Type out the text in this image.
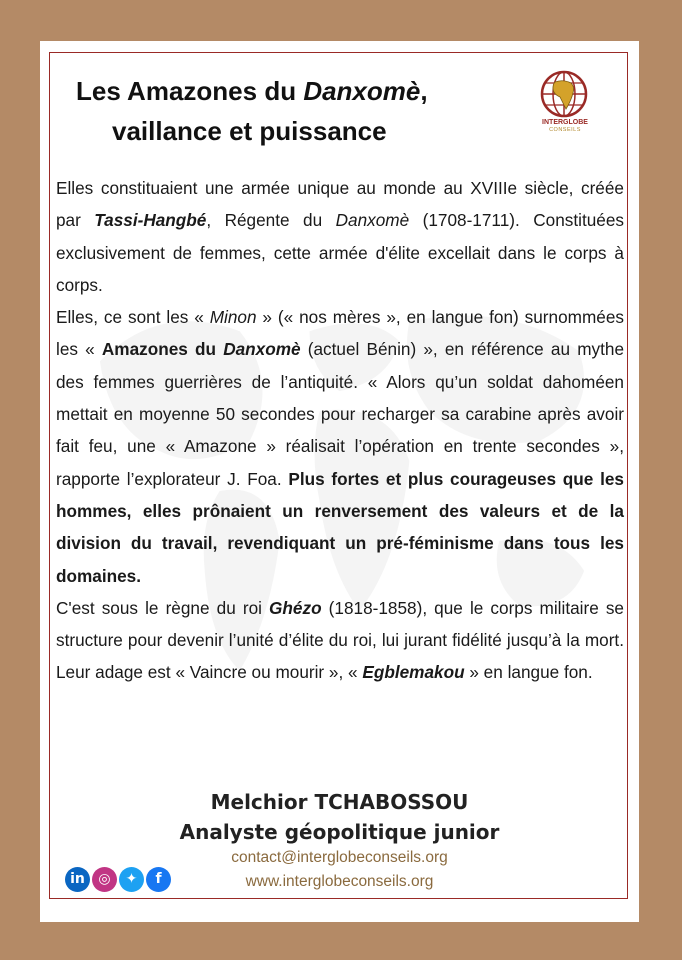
Les Amazones du Danxomè,
vaillance et puissance	INTERGLOBE
CONSEILS

Elles constituaient une armée unique au monde au XVIIIe siècle, créée par Tassi-Hangbé, Régente du Danxomè (1708-1711). Constituées exclusivement de femmes, cette armée d'élite excellait dans le corps à corps.

Elles, ce sont les « Minon » (« nos mères », en langue fon) surnommées les « Amazones du Danxomè (actuel Bénin) », en référence au mythe des femmes guerrières de l’antiquité. « Alors qu’un soldat dahoméen mettait en moyenne 50 secondes pour recharger sa carabine après avoir fait feu, une « Amazone » réalisait l’opération en trente secondes », rapporte l’explorateur J. Foa. Plus fortes et plus courageuses que les hommes, elles prônaient un renversement des valeurs et de la division du travail, revendiquant un pré-féminisme dans tous les domaines.

C'est sous le règne du roi Ghézo (1818-1858), que le corps militaire se structure pour devenir l’unité d’élite du roi, lui jurant fidélité jusqu’à la mort. Leur adage est « Vaincre ou mourir », « Egblemakou » en langue fon.

Melchior TCHABOSSOU
Analyste géopolitique junior
contact@interglobeconseils.org
www.interglobeconseils.org
in ◎	✦	f
